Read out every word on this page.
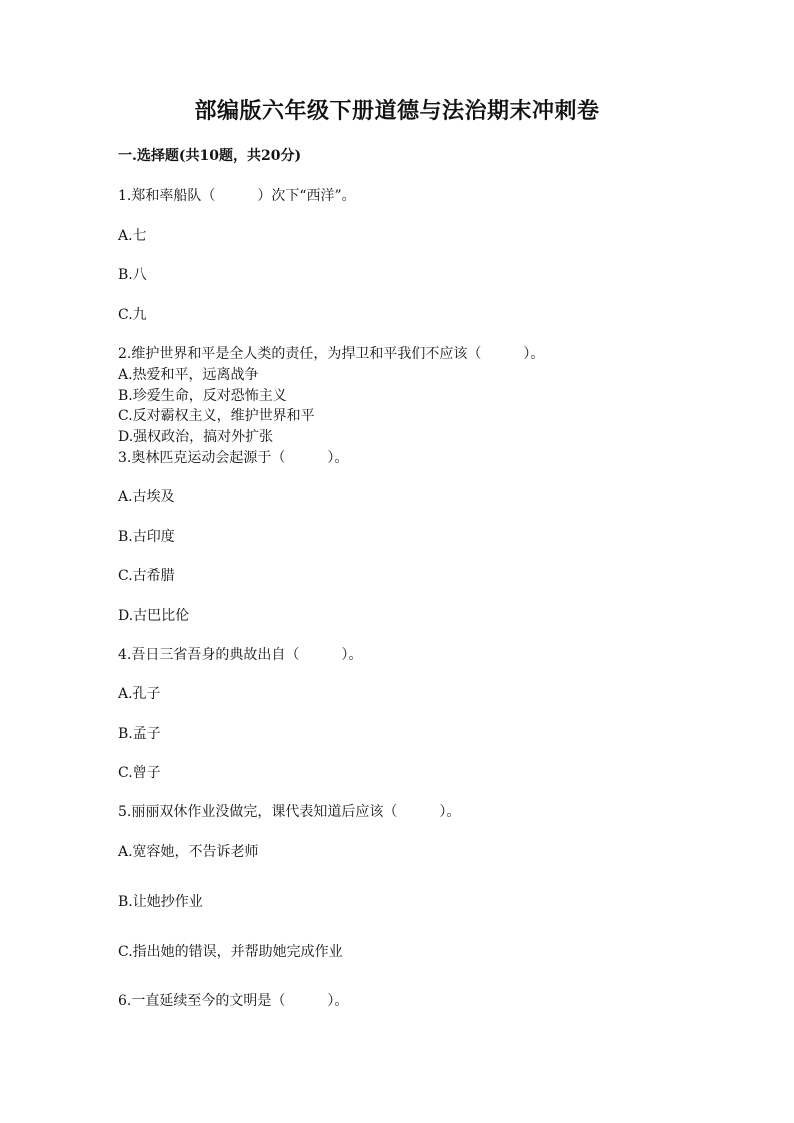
部编版六年级下册道德与法治期末冲刺卷
一.选择题(共10题，共20分)
1.郑和率船队（　　　）次下“西洋”。
A.七
B.八
C.九
2.维护世界和平是全人类的责任，为捍卫和平我们不应该（　　　）。
A.热爱和平，远离战争
B.珍爱生命，反对恐怖主义
C.反对霸权主义，维护世界和平
D.强权政治，搞对外扩张
3.奥林匹克运动会起源于（　　　）。
A.古埃及
B.古印度
C.古希腊
D.古巴比伦
4.吾日三省吾身的典故出自（　　　）。
A.孔子
B.孟子
C.曾子
5.丽丽双休作业没做完，课代表知道后应该（　　　）。
A.宽容她，不告诉老师
B.让她抄作业
C.指出她的错误，并帮助她完成作业
6.一直延续至今的文明是（　　　）。
